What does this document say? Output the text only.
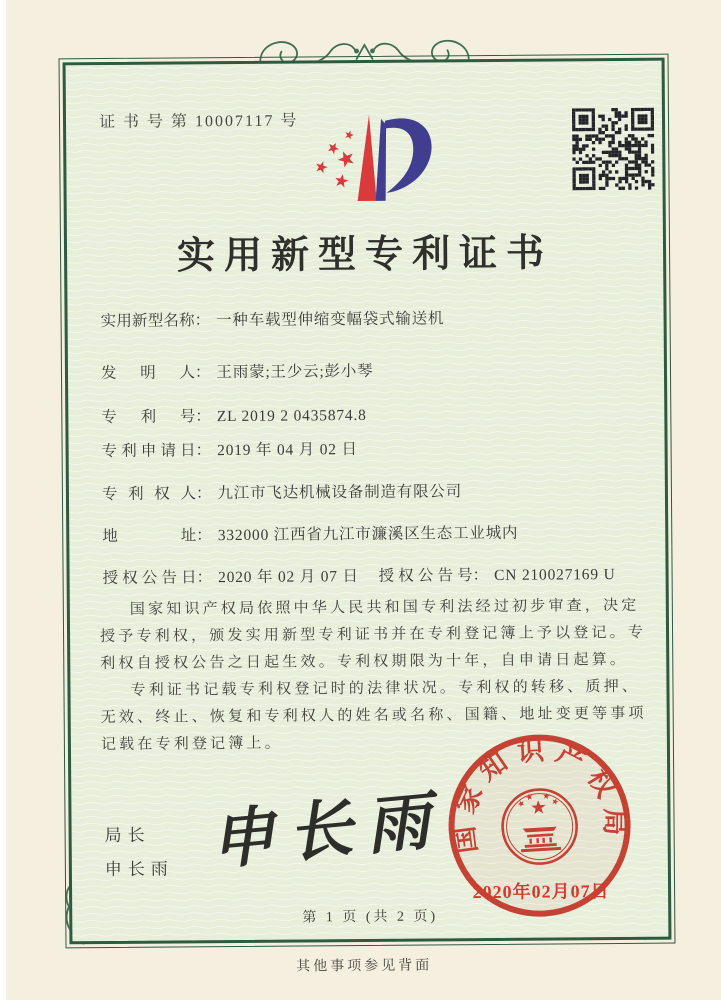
证 书 号 第 10007117 号
实用新型专利证书
实用新型名称： 一种车载型伸缩变幅袋式输送机
发明人： 王雨蒙;王少云;彭小琴
专利号： ZL 2019 2 0435874.8
专利申请日： 2019 年 04 月 02 日
专利权人： 九江市飞达机械设备制造有限公司
地址： 332000 江西省九江市濂溪区生态工业城内
授权公告日： 2020 年 02 月 07 日 授权公告号： CN 210027169 U

国家知识产权局依照中华人民共和国专利法经过初步审查，决定授予专利权，颁发实用新型专利证书并在专利登记簿上予以登记。专利权自授权公告之日起生效。专利权期限为十年，自申请日起算。

专利证书记载专利权登记时的法律状况。专利权的转移、质押、无效、终止、恢复和专利权人的姓名或名称、国籍、地址变更等事项记载在专利登记簿上。

局长
申长雨 申长雨 国家知识产权局
2020年02月07日
第 1 页 (共 2 页)
其他事项参见背面
